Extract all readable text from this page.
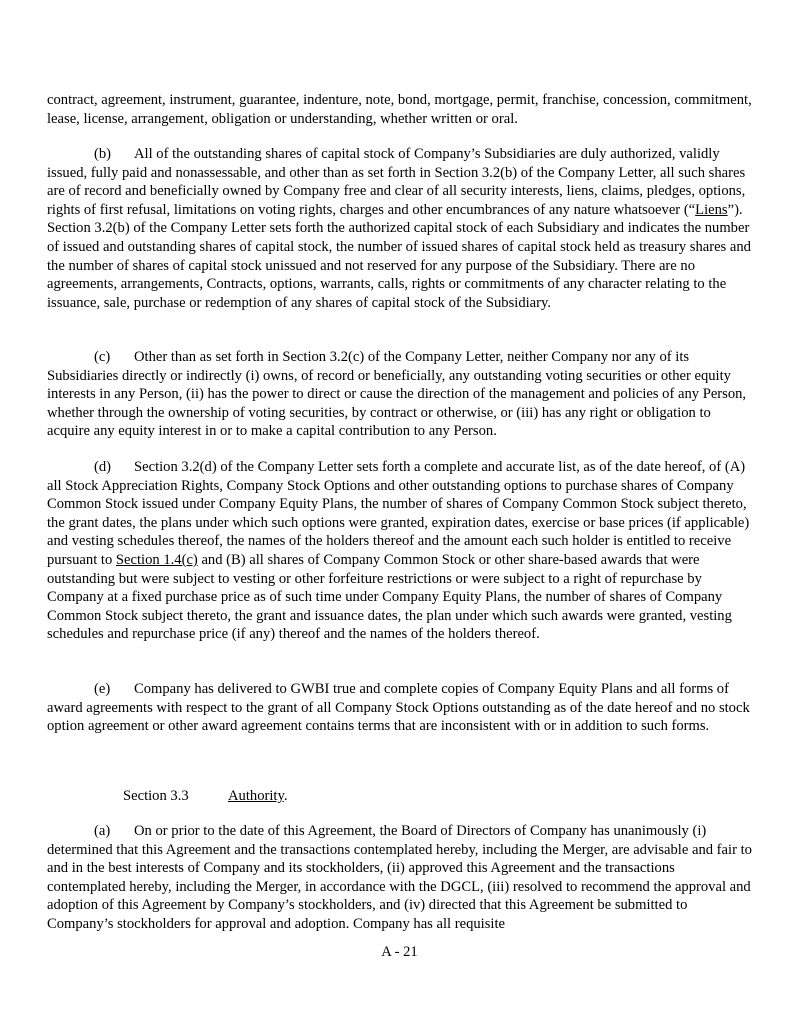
contract, agreement, instrument, guarantee, indenture, note, bond, mortgage, permit, franchise, concession, commitment, lease, license, arrangement, obligation or understanding, whether written or oral.

(b) All of the outstanding shares of capital stock of Company’s Subsidiaries are duly authorized, validly issued, fully paid and nonassessable, and other than as set forth in Section 3.2(b) of the Company Letter, all such shares are of record and beneficially owned by Company free and clear of all security interests, liens, claims, pledges, options, rights of first refusal, limitations on voting rights, charges and other encumbrances of any nature whatsoever (“Liens”). Section 3.2(b) of the Company Letter sets forth the authorized capital stock of each Subsidiary and indicates the number of issued and outstanding shares of capital stock, the number of issued shares of capital stock held as treasury shares and the number of shares of capital stock unissued and not reserved for any purpose of the Subsidiary. There are no agreements, arrangements, Contracts, options, warrants, calls, rights or commitments of any character relating to the issuance, sale, purchase or redemption of any shares of capital stock of the Subsidiary.

(c) Other than as set forth in Section 3.2(c) of the Company Letter, neither Company nor any of its Subsidiaries directly or indirectly (i) owns, of record or beneficially, any outstanding voting securities or other equity interests in any Person, (ii) has the power to direct or cause the direction of the management and policies of any Person, whether through the ownership of voting securities, by contract or otherwise, or (iii) has any right or obligation to acquire any equity interest in or to make a capital contribution to any Person.

(d) Section 3.2(d) of the Company Letter sets forth a complete and accurate list, as of the date hereof, of (A) all Stock Appreciation Rights, Company Stock Options and other outstanding options to purchase shares of Company Common Stock issued under Company Equity Plans, the number of shares of Company Common Stock subject thereto, the grant dates, the plans under which such options were granted, expiration dates, exercise or base prices (if applicable) and vesting schedules thereof, the names of the holders thereof and the amount each such holder is entitled to receive pursuant to Section 1.4(c) and (B) all shares of Company Common Stock or other share-based awards that were outstanding but were subject to vesting or other forfeiture restrictions or were subject to a right of repurchase by Company at a fixed purchase price as of such time under Company Equity Plans, the number of shares of Company Common Stock subject thereto, the grant and issuance dates, the plan under which such awards were granted, vesting schedules and repurchase price (if any) thereof and the names of the holders thereof.

(e) Company has delivered to GWBI true and complete copies of Company Equity Plans and all forms of award agreements with respect to the grant of all Company Stock Options outstanding as of the date hereof and no stock option agreement or other award agreement contains terms that are inconsistent with or in addition to such forms.

Section 3.3	Authority.

(a) On or prior to the date of this Agreement, the Board of Directors of Company has unanimously (i) determined that this Agreement and the transactions contemplated hereby, including the Merger, are advisable and fair to and in the best interests of Company and its stockholders, (ii) approved this Agreement and the transactions contemplated hereby, including the Merger, in accordance with the DGCL, (iii) resolved to recommend the approval and adoption of this Agreement by Company’s stockholders, and (iv) directed that this Agreement be submitted to Company’s stockholders for approval and adoption. Company has all requisite

A - 21
